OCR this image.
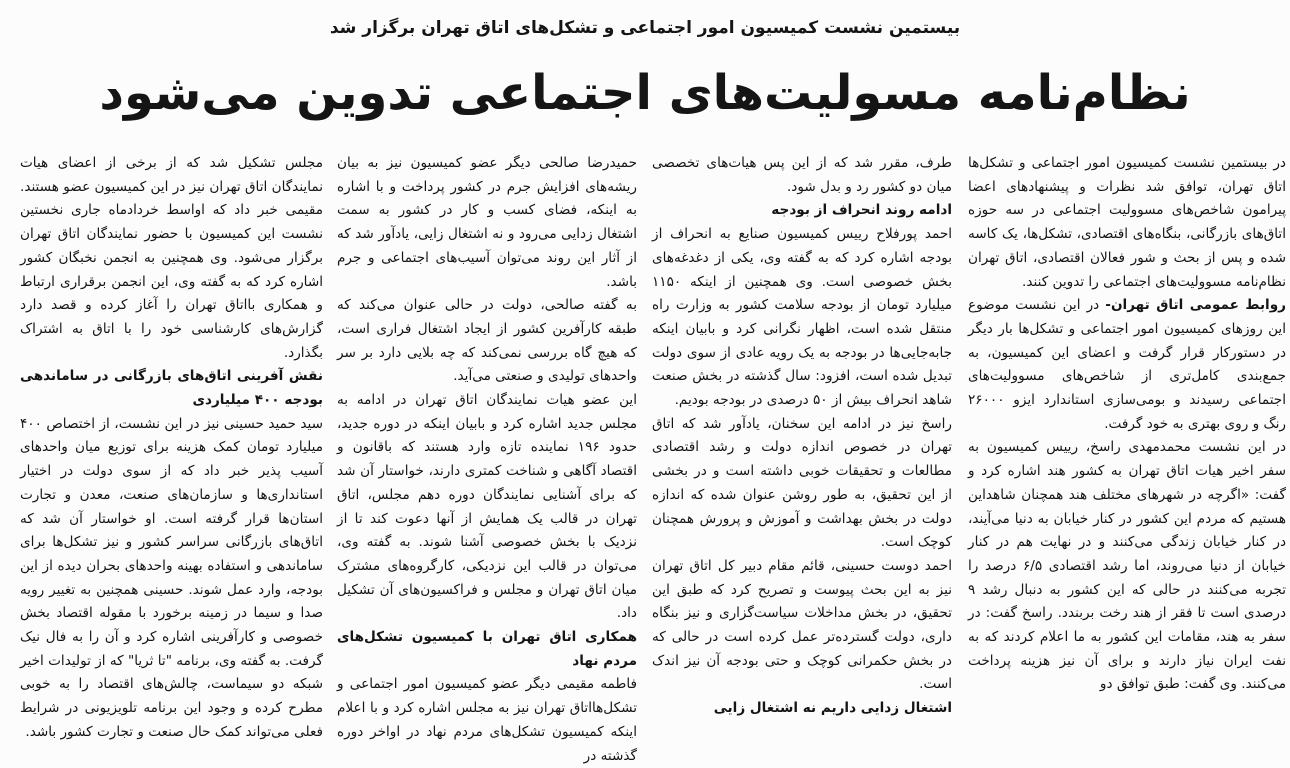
بیستمین نشست کمیسیون امور اجتماعی و تشکل‌های اتاق تهران برگزار شد
نظام‌نامه مسولیت‌های اجتماعی تدوین می‌شود

در بیستمین نشست کمیسیون امور اجتماعی و تشکل‌ها اتاق تهران، توافق شد نظرات و پیشنهادهای اعضا پیرامون شاخص‌های مسوولیت اجتماعی در سه حوزه اتاق‌های بازرگانی، بنگاه‌های اقتصادی، تشکل‌ها، یک کاسه شده و پس از بحث و شور فعالان اقتصادی، اتاق تهران نظام‌نامه مسوولیت‌های اجتماعی را تدوین کنند.

روابط عمومی اتاق تهران- در این نشست موضوع این روزهای کمیسیون امور اجتماعی و تشکل‌ها بار دیگر در دستورکار قرار گرفت و اعضای این کمیسیون، به جمع‌بندی کامل‌تری از شاخص‌های مسوولیت‌های اجتماعی رسیدند و بومی‌سازی استاندارد ایزو ۲۶۰۰۰ رنگ و روی بهتری به خود گرفت.

در این نشست محمدمهدی راسخ، رییس کمیسیون به سفر اخیر هیات اتاق تهران به کشور هند اشاره کرد و گفت: «اگرچه در شهرهای مختلف هند همچنان شاهداین هستیم که مردم این کشور در کنار خیابان به دنیا می‌آیند، در کنار خیابان زندگی می‌کنند و در نهایت هم در کنار خیابان از دنیا می‌روند، اما رشد اقتصادی ۶/۵ درصد را تجربه می‌کنند در حالی که این کشور به دنبال رشد ۹ درصدی است تا فقر از هند رخت بربندد. راسخ گفت: در سفر به هند، مقامات این کشور به ما اعلام کردند که به نفت ایران نیاز دارند و برای آن نیز هزینه پرداخت می‌کنند. وی گفت: طبق توافق دو

طرف، مقرر شد که از این پس هیات‌های تخصصی میان دو کشور رد و بدل شود.

ادامه روند انحراف از بودجه

احمد پورفلاح رییس کمیسیون صنایع به انحراف از بودجه اشاره کرد که به گفته وی، یکی از دغدغه‌های بخش خصوصی است. وی همچنین از اینکه ۱۱۵۰ میلیارد تومان از بودجه سلامت کشور به وزارت راه منتقل شده است، اظهار نگرانی کرد و بابیان اینکه جابه‌جایی‌ها در بودجه به یک رویه عادی از سوی دولت تبدیل شده است، افزود: سال گذشته در بخش صنعت شاهد انحراف بیش از ۵۰ درصدی در بودجه بودیم.

راسخ نیز در ادامه این سخنان، یادآور شد که اتاق تهران در خصوص اندازه دولت و رشد اقتصادی مطالعات و تحقیقات خوبی داشته است و در بخشی از این تحقیق، به طور روشن عنوان شده که اندازه دولت در بخش بهداشت و آموزش و پرورش همچنان کوچک است.

احمد دوست حسینی، قائم مقام دبیر کل اتاق تهران نیز به این بحث پیوست و تصریح کرد که طبق این تحقیق، در بخش مداخلات سیاست‌گزاری و نیز بنگاه داری، دولت گسترده‌تر عمل کرده است در حالی که در بخش حکمرانی کوچک و حتی بودجه آن نیز اندک است.

اشتغال زدایی داریم نه اشتغال زایی

حمیدرضا صالحی دیگر عضو کمیسیون نیز به بیان ریشه‌های افزایش جرم در کشور پرداخت و با اشاره به اینکه، فضای کسب و کار در کشور به سمت اشتغال زدایی می‌رود و نه اشتغال زایی، یادآور شد که از آثار این روند می‌توان آسیب‌های اجتماعی و جرم باشد.

به گفته صالحی، دولت در حالی عنوان می‌کند که طبقه کارآفرین کشور از ایجاد اشتغال فراری است، که هیچ گاه بررسی نمی‌کند که چه بلایی دارد بر سر واحدهای تولیدی و صنعتی می‌آید.

این عضو هیات نمایندگان اتاق تهران در ادامه به مجلس جدید اشاره کرد و بابیان اینکه در دوره جدید، حدود ۱۹۶ نماینده تازه وارد هستند که باقانون و اقتصاد آگاهی و شناخت کمتری دارند، خواستار آن شد که برای آشنایی نمایندگان دوره دهم مجلس، اتاق تهران در قالب یک همایش از آنها دعوت کند تا از نزدیک با بخش خصوصی آشنا شوند. به گفته وی، می‌توان در قالب این نزدیکی، کارگروه‌های مشترک میان اتاق تهران و مجلس و فراکسیون‌های آن تشکیل داد.

همکاری اتاق تهران با کمیسیون تشکل‌های مردم نهاد

فاطمه مقیمی دیگر عضو کمیسیون امور اجتماعی و تشکل‌هااتاق تهران نیز به مجلس اشاره کرد و با اعلام اینکه کمیسیون تشکل‌های مردم نهاد در اواخر دوره گذشته در

مجلس تشکیل شد که از برخی از اعضای هیات نمایندگان اتاق تهران نیز در این کمیسیون عضو هستند. مقیمی خبر داد که اواسط خردادماه جاری نخستین نشست این کمیسیون با حضور نمایندگان اتاق تهران برگزار می‌شود. وی همچنین به انجمن نخبگان کشور اشاره کرد که به گفته وی، این انجمن برقراری ارتباط و همکاری بااتاق تهران را آغاز کرده و قصد دارد گزارش‌های کارشناسی خود را با اتاق به اشتراک بگذارد.

نقش آفرینی اتاق‌های بازرگانی در ساماندهی بودجه ۴۰۰ میلیاردی

سید حمید حسینی نیز در این نشست، از اختصاص ۴۰۰ میلیارد تومان کمک هزینه برای توزیع میان واحدهای آسیب پذیر خبر داد که از سوی دولت در اختیار استانداری‌ها و سازمان‌های صنعت، معدن و تجارت استان‌ها قرار گرفته است. او خواستار آن شد که اتاق‌های بازرگانی سراسر کشور و نیز تشکل‌ها برای ساماندهی و استفاده بهینه واحدهای بحران دیده از این بودجه، وارد عمل شوند. حسینی همچنین به تغییر رویه صدا و سیما در زمینه برخورد با مقوله اقتصاد بخش خصوصی و کارآفرینی اشاره کرد و آن را به فال نیک گرفت. به گفته وی، برنامه "تا ثریا" که از تولیدات اخیر شبکه دو سیماست، چالش‌های اقتصاد را به خوبی مطرح کرده و وجود این برنامه تلویزیونی در شرایط فعلی می‌تواند کمک حال صنعت و تجارت کشور باشد.
